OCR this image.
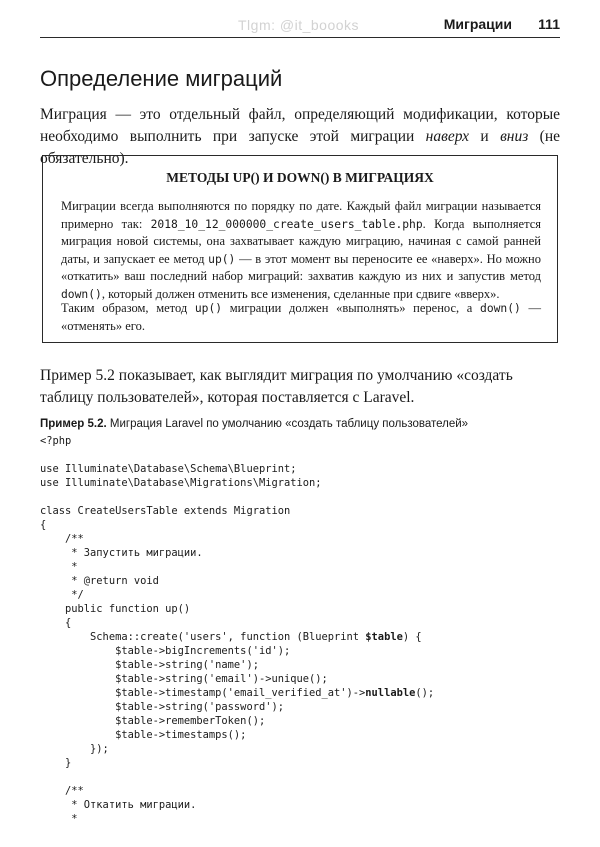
Tlgm: @it_boooks	Миграции 111
Определение миграций

Миграция — это отдельный файл, определяющий модификации, которые необходимо выполнить при запуске этой миграции наверх и вниз (не обязательно).

МЕТОДЫ UP() И DOWN() В МИГРАЦИЯХ

Миграции всегда выполняются по порядку по дате. Каждый файл миграции называется примерно так: 2018_10_12_000000_create_users_table.php. Когда выполняется миграция новой системы, она захватывает каждую миграцию, начиная с самой ранней даты, и запускает ее метод up() — в этот момент вы переносите ее «наверх». Но можно «откатить» ваш последний набор миграций: захватив каждую из них и запустив метод down(), который должен отменить все изменения, сделанные при сдвиге «вверх».

Таким образом, метод up() миграции должен «выполнять» перенос, а down() — «отменять» его.

Пример 5.2 показывает, как выглядит миграция по умолчанию «создать таблицу пользователей», которая поставляется с Laravel.

Пример 5.2. Миграция Laravel по умолчанию «создать таблицу пользователей»
<?php
use Illuminate\Database\Schema\Blueprint;
use Illuminate\Database\Migrations\Migration;
class CreateUsersTable extends Migration
{
/**
* Запустить миграции.
*
* @return void
*/
public function up()
{
Schema::create('users', function (Blueprint $table) {
$table->bigIncrements('id');
$table->string('name');
$table->string('email')->unique();
$table->timestamp('email_verified_at')->nullable();
$table->string('password');
$table->rememberToken();
$table->timestamps();
});
}
/**
* Откатить миграции.
*
